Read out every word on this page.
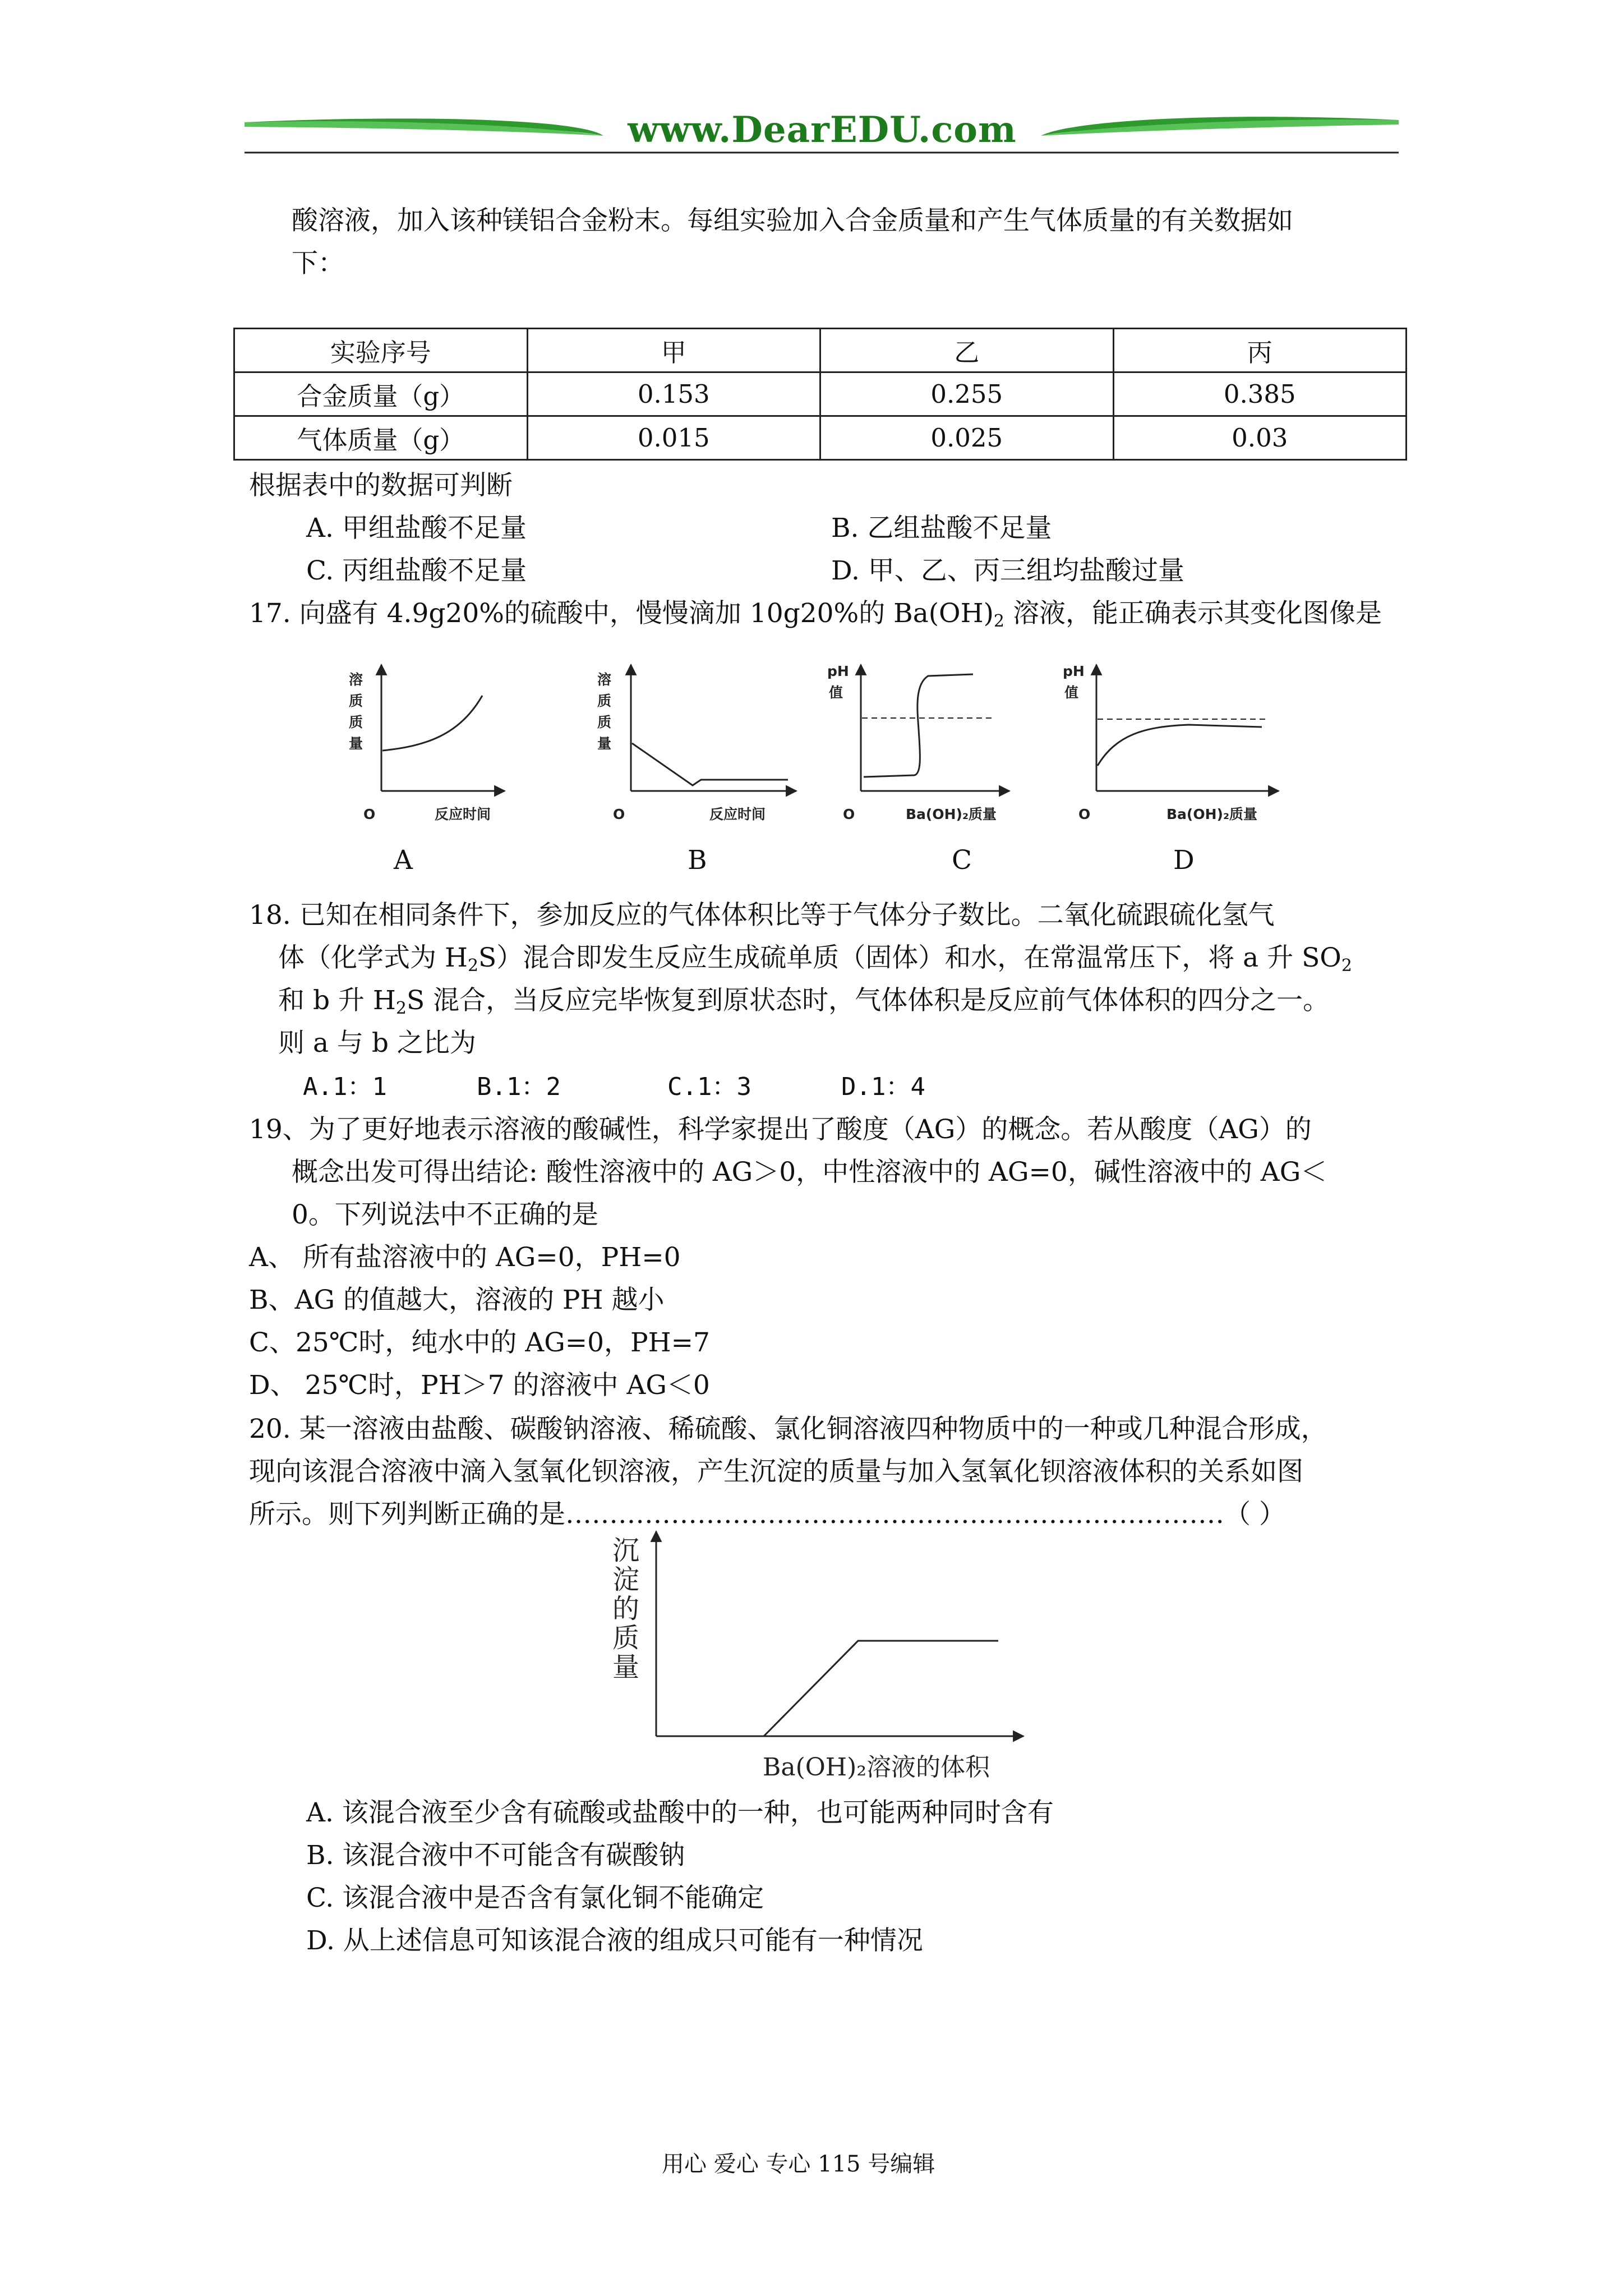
www.DearEDU.com
酸溶液，加入该种镁铝合金粉末。每组实验加入合金质量和产生气体质量的有关数据如
下：
实验序号	甲	乙	丙
合金质量（g）	0.153	0.255	0.385
气体质量（g）	0.015	0.025	0.03
根据表中的数据可判断
A. 甲组盐酸不足量	B. 乙组盐酸不足量
C. 丙组盐酸不足量	D. 甲、乙、丙三组均盐酸过量
17. 向盛有 4.9g20%的硫酸中，慢慢滴加 10g20%的 $Ba(OH)_2$ 溶液，能正确表示其变化图像是
溶质质量
O	反应时间
溶质质量
O	反应时间
pH
值
O	Ba(OH)₂质量
pH
值
O	Ba(OH)₂质量
A	B	C	D
18. 已知在相同条件下，参加反应的气体体积比等于气体分子数比。二氧化硫跟硫化氢气
体（化学式为 $H_2S$）混合即发生反应生成硫单质（固体）和水，在常温常压下，将 a 升 $SO_2$
和 b 升 $H_2S$ 混合，当反应完毕恢复到原状态时，气体体积是反应前气体体积的四分之一。
则 a 与 b 之比为
A.1：1	B.1：2	C.1：3	D.1：4
19、为了更好地表示溶液的酸碱性，科学家提出了酸度（AG）的概念。若从酸度（AG）的
概念出发可得出结论: 酸性溶液中的 AG＞0，中性溶液中的 AG=0，碱性溶液中的 AG＜
0。下列说法中不正确的是
A、 所有盐溶液中的 AG=0，PH=0
B、AG 的值越大，溶液的 PH 越小
C、25℃时，纯水中的 AG=0，PH=7
D、 25℃时，PH＞7 的溶液中 AG＜0
20. 某一溶液由盐酸、碳酸钠溶液、稀硫酸、氯化铜溶液四种物质中的一种或几种混合形成，
现向该混合溶液中滴入氢氧化钡溶液，产生沉淀的质量与加入氢氧化钡溶液体积的关系如图
所示。则下列判断正确的是…………………………………………………………………（ ）
沉淀的质量
Ba(OH)₂溶液的体积
A. 该混合液至少含有硫酸或盐酸中的一种，也可能两种同时含有
B. 该混合液中不可能含有碳酸钠
C. 该混合液中是否含有氯化铜不能确定
D. 从上述信息可知该混合液的组成只可能有一种情况
用心 爱心 专心 115 号编辑
